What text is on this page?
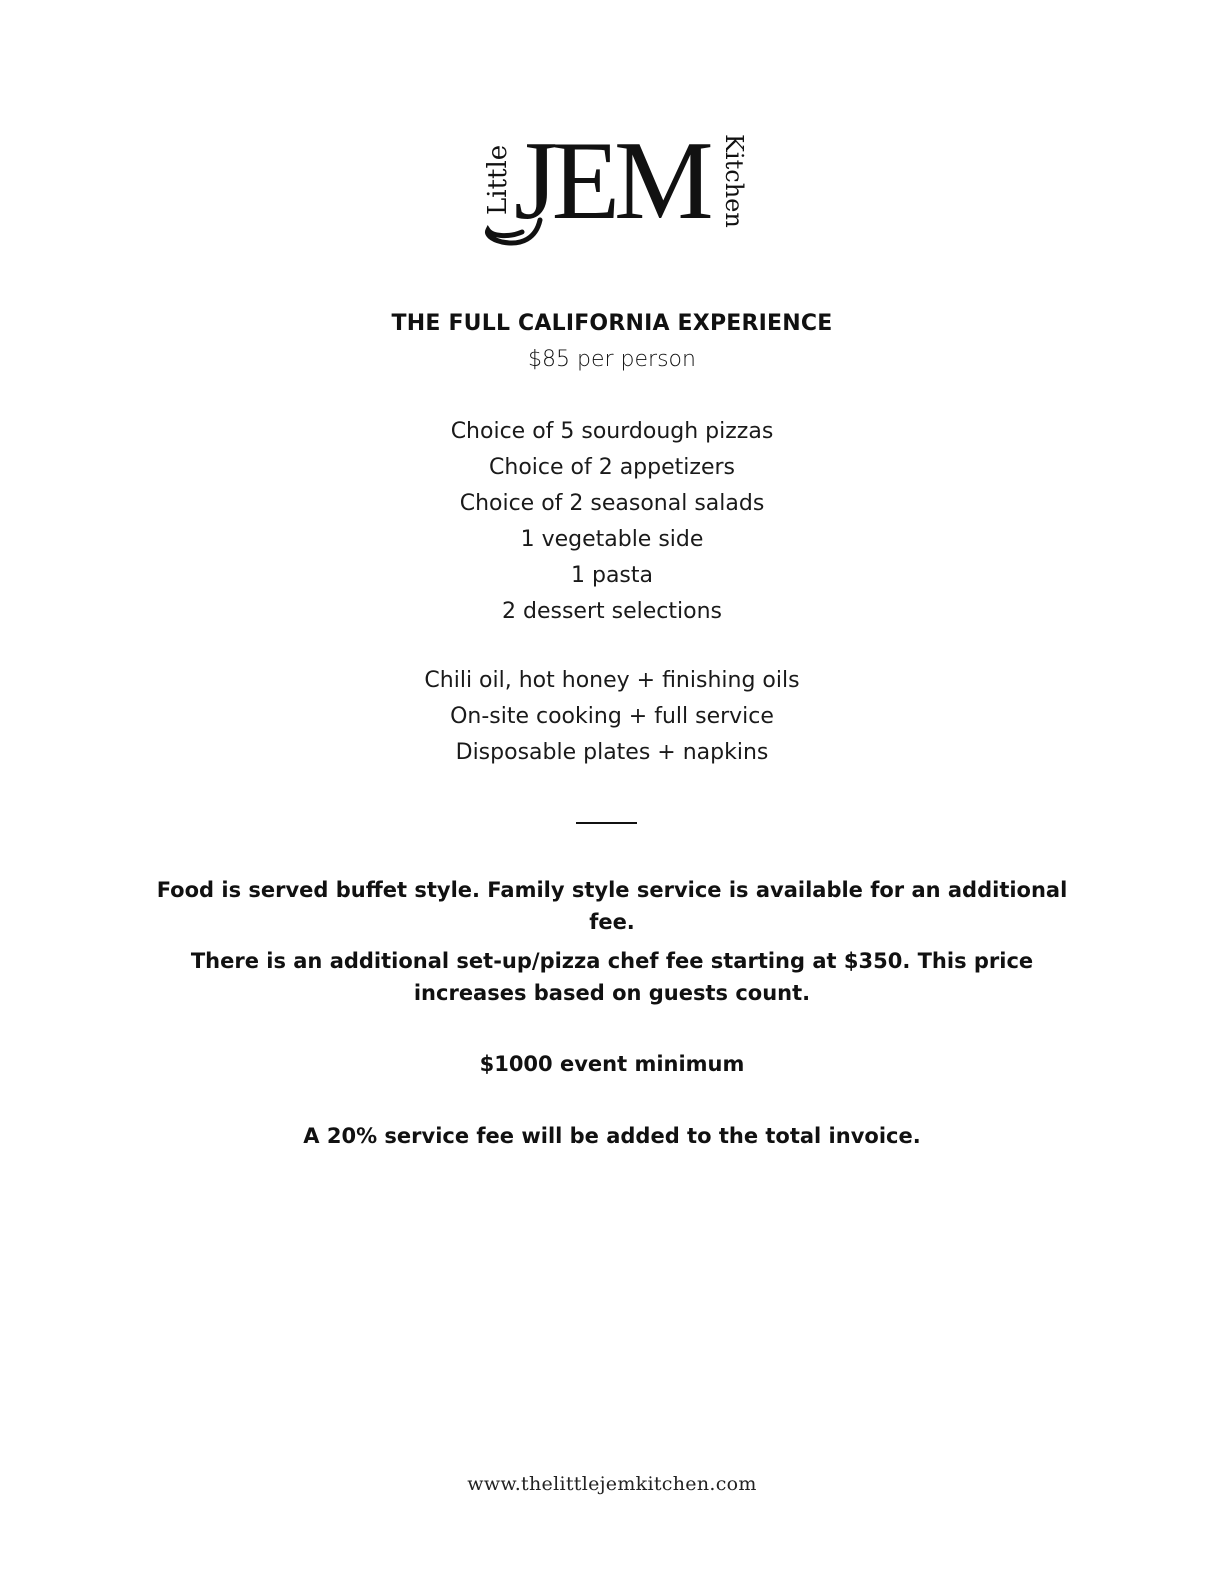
Little JEM Kitchen
THE FULL CALIFORNIA EXPERIENCE
$85 per person
Choice of 5 sourdough pizzas
Choice of 2 appetizers
Choice of 2 seasonal salads
1 vegetable side
1 pasta
2 dessert selections
Chili oil, hot honey + finishing oils
On-site cooking + full service
Disposable plates + napkins
Food is served buffet style. Family style service is available for an additional fee.
There is an additional set-up/pizza chef fee starting at $350. This price increases based on guests count.
$1000 event minimum
A 20% service fee will be added to the total invoice.
www.thelittlejemkitchen.com
